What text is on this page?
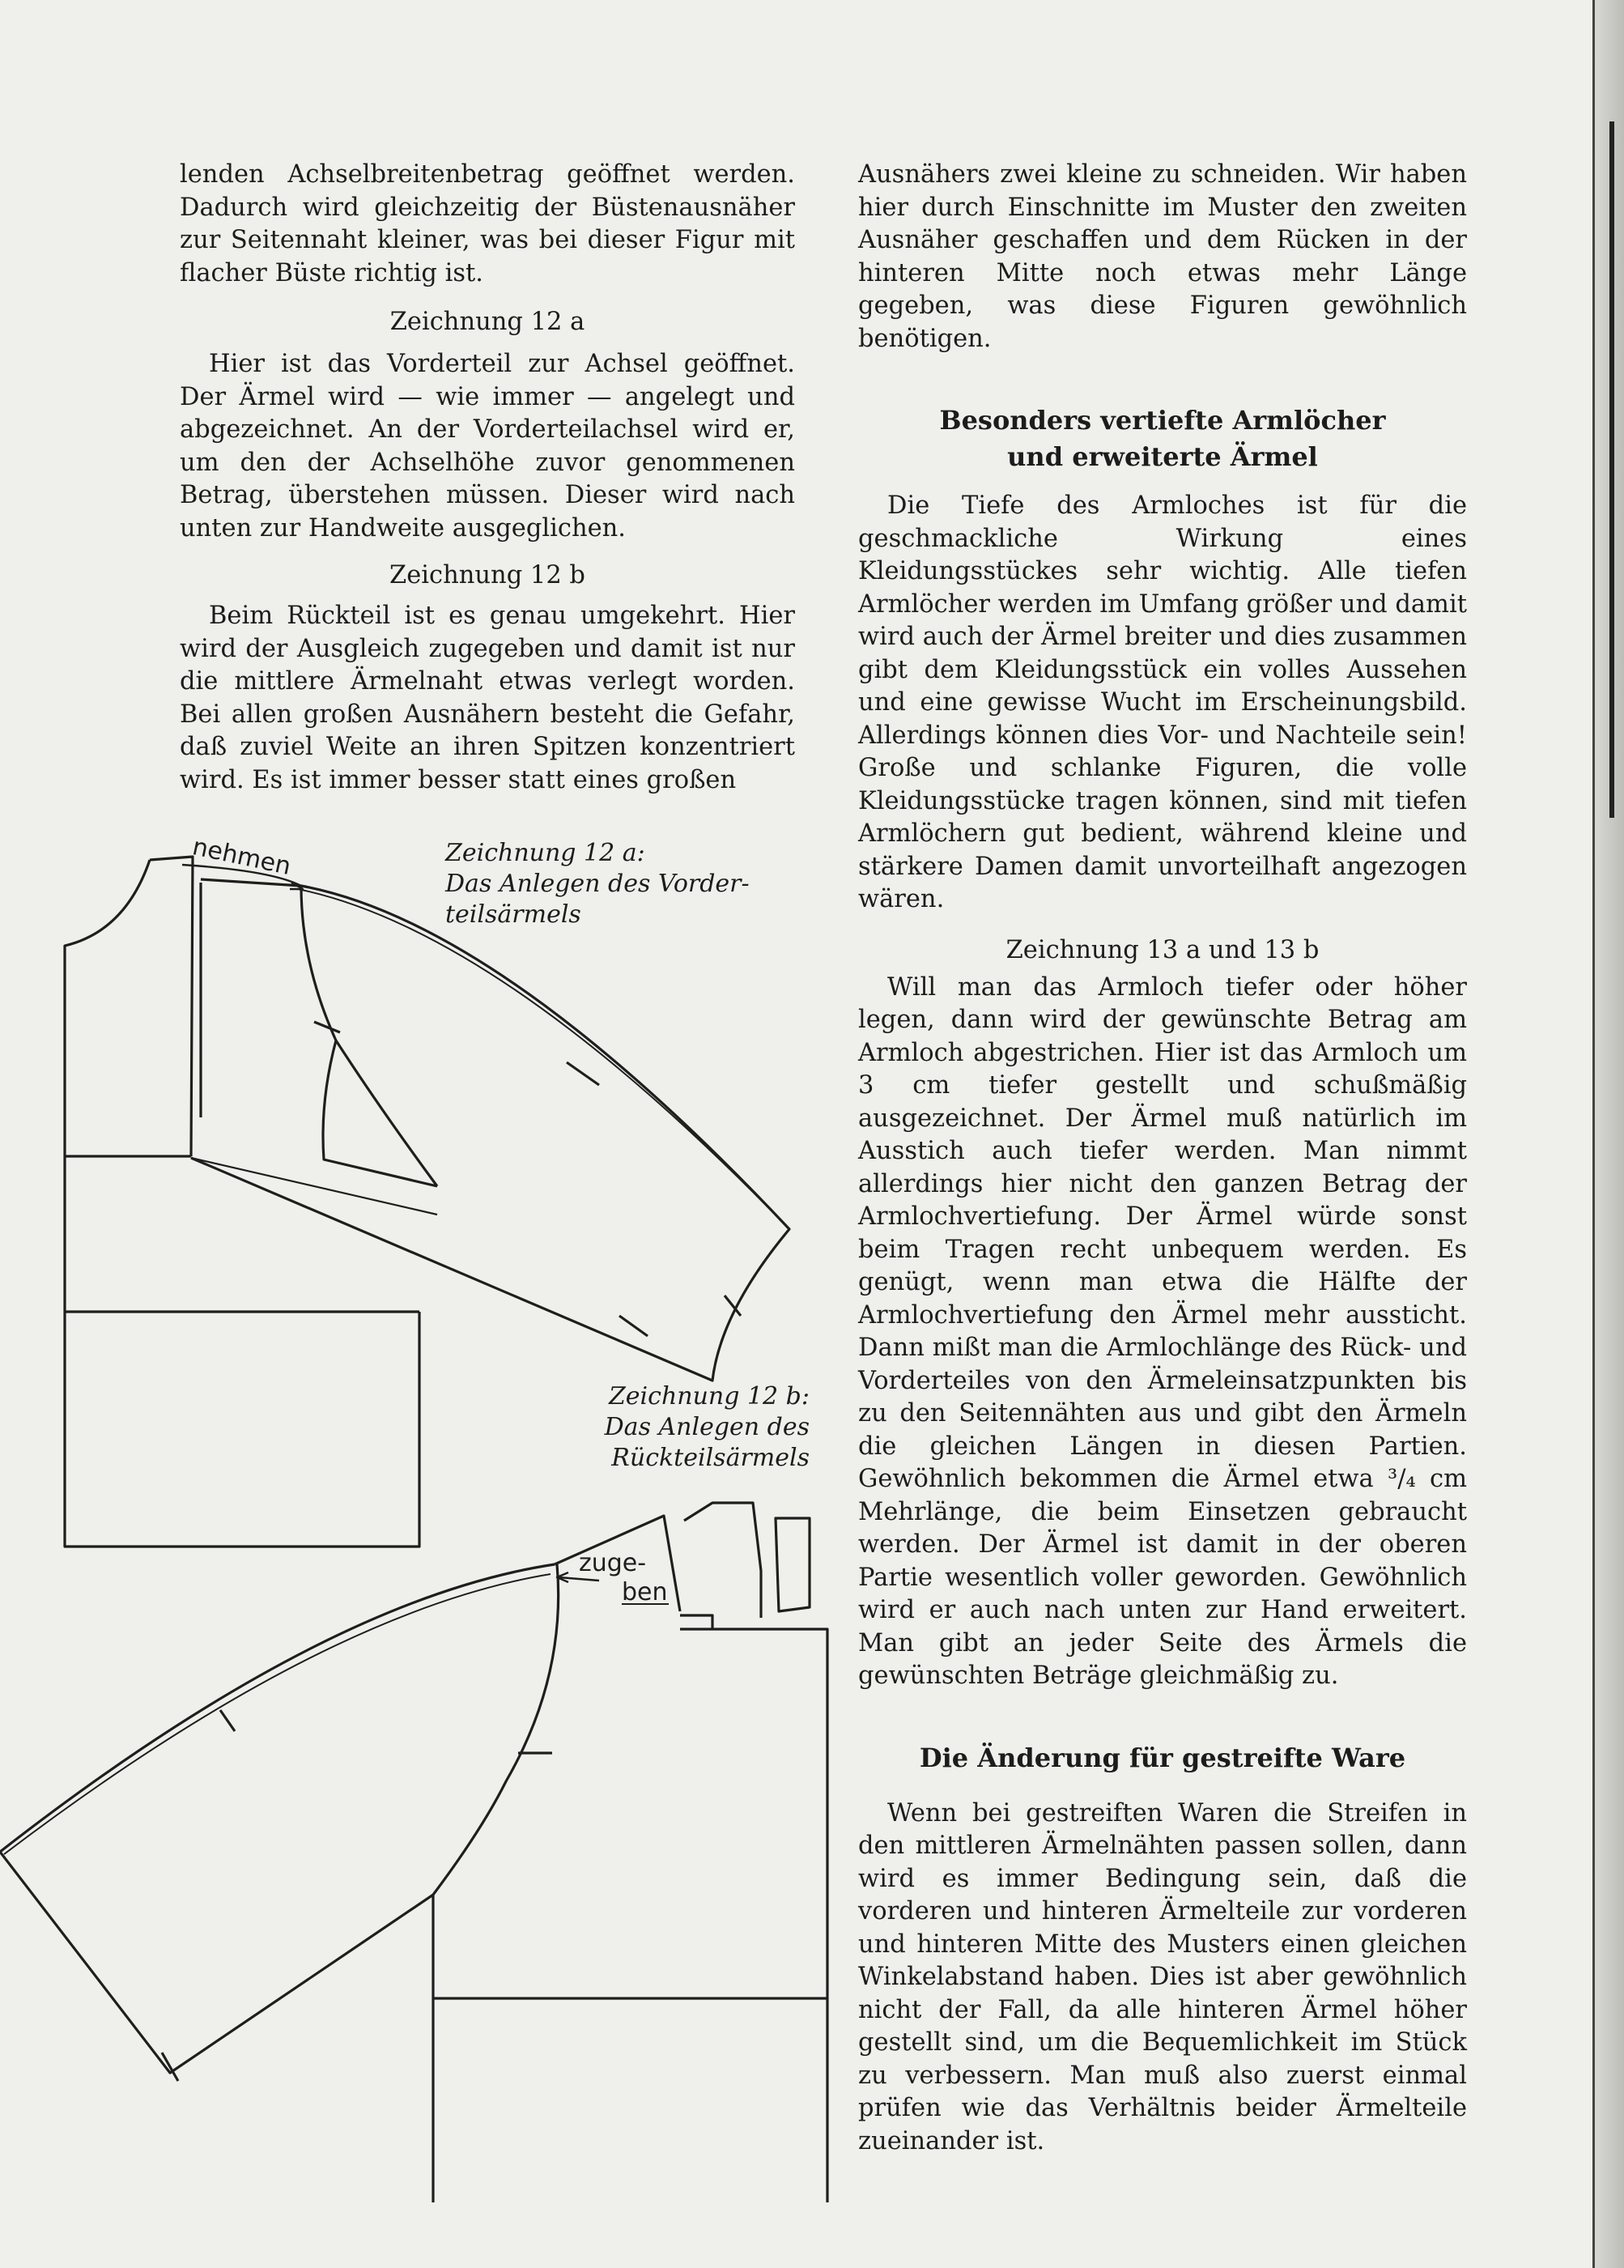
lenden Achselbreitenbetrag geöffnet werden. Dadurch wird gleichzeitig der Büstenausnäher zur Seitennaht kleiner, was bei dieser Figur mit flacher Büste richtig ist.

Zeichnung 12 a

Hier ist das Vorderteil zur Achsel geöffnet. Der Ärmel wird — wie immer — angelegt und abgezeichnet. An der Vorderteilachsel wird er, um den der Achselhöhe zuvor genommenen Betrag, überstehen müssen. Dieser wird nach unten zur Handweite ausgeglichen.

Zeichnung 12 b

Beim Rückteil ist es genau umgekehrt. Hier wird der Ausgleich zugegeben und damit ist nur die mittlere Ärmelnaht etwas verlegt worden. Bei allen großen Ausnähern besteht die Gefahr, daß zuviel Weite an ihren Spitzen konzentriert wird. Es ist immer besser statt eines großen

Ausnähers zwei kleine zu schneiden. Wir haben hier durch Einschnitte im Muster den zweiten Ausnäher geschaffen und dem Rücken in der hinteren Mitte noch etwas mehr Länge gegeben, was diese Figuren gewöhnlich benötigen.

Besonders vertiefte Armlöcher
und erweiterte Ärmel

Die Tiefe des Armloches ist für die geschmackliche Wirkung eines Kleidungsstückes sehr wichtig. Alle tiefen Armlöcher werden im Umfang größer und damit wird auch der Ärmel breiter und dies zusammen gibt dem Kleidungsstück ein volles Aussehen und eine gewisse Wucht im Erscheinungsbild. Allerdings können dies Vor- und Nachteile sein! Große und schlanke Figuren, die volle Kleidungsstücke tragen können, sind mit tiefen Armlöchern gut bedient, während kleine und stärkere Damen damit unvorteilhaft angezogen wären.

Zeichnung 13 a und 13 b

Will man das Armloch tiefer oder höher legen, dann wird der gewünschte Betrag am Armloch abgestrichen. Hier ist das Armloch um 3 cm tiefer gestellt und schußmäßig ausgezeichnet. Der Ärmel muß natürlich im Ausstich auch tiefer werden. Man nimmt allerdings hier nicht den ganzen Betrag der Armlochvertiefung. Der Ärmel würde sonst beim Tragen recht unbequem werden. Es genügt, wenn man etwa die Hälfte der Armlochvertiefung den Ärmel mehr aussticht. Dann mißt man die Armlochlänge des Rück- und Vorderteiles von den Ärmeleinsatzpunkten bis zu den Seitennähten aus und gibt den Ärmeln die gleichen Längen in diesen Partien. Gewöhnlich bekommen die Ärmel etwa ³/₄ cm Mehrlänge, die beim Einsetzen gebraucht werden. Der Ärmel ist damit in der oberen Partie wesentlich voller geworden. Gewöhnlich wird er auch nach unten zur Hand erweitert. Man gibt an jeder Seite des Ärmels die gewünschten Beträge gleichmäßig zu.

Die Änderung für gestreifte Ware

Wenn bei gestreiften Waren die Streifen in den mittleren Ärmelnähten passen sollen, dann wird es immer Bedingung sein, daß die vorderen und hinteren Ärmelteile zur vorderen und hinteren Mitte des Musters einen gleichen Winkelabstand haben. Dies ist aber gewöhnlich nicht der Fall, da alle hinteren Ärmel höher gestellt sind, um die Bequemlichkeit im Stück zu verbessern. Man muß also zuerst einmal prüfen wie das Verhältnis beider Ärmelteile zueinander ist.

Zeichnung 12 a:
Das Anlegen des Vorder-
teilsärmels
Zeichnung 12 b:
Das Anlegen des
Rückteilsärmels
nehmen
zuge-
ben
